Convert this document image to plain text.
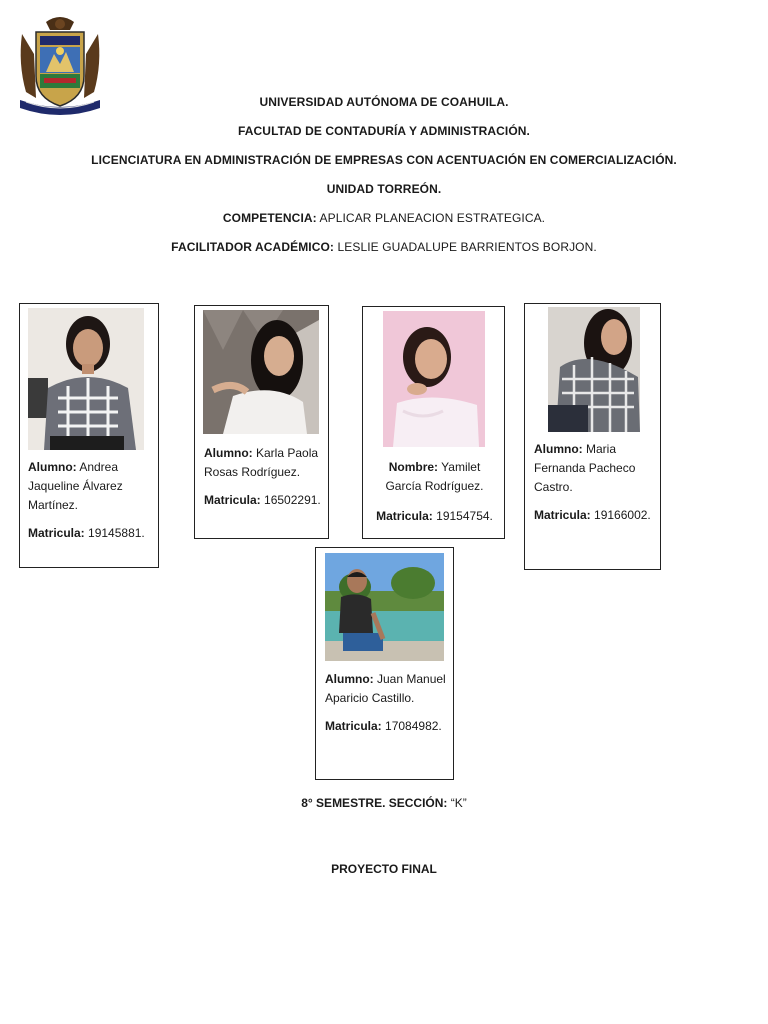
UNIVERSIDAD AUTÓNOMA DE COAHUILA.
FACULTAD DE CONTADURÍA Y ADMINISTRACIÓN.
LICENCIATURA EN ADMINISTRACIÓN DE EMPRESAS CON ACENTUACIÓN EN COMERCIALIZACIÓN.
UNIDAD TORREÓN.
COMPETENCIA: APLICAR PLANEACION ESTRATEGICA.
FACILITADOR ACADÉMICO: LESLIE GUADALUPE BARRIENTOS BORJON.

Alumno: Andrea Jaqueline Álvarez Martínez.

Matricula: 19145881.

Alumno: Karla Paola Rosas Rodríguez.

Matricula: 16502291.

Nombre: Yamilet García Rodríguez.

Matricula: 19154754.

Alumno: Maria Fernanda Pacheco Castro.

Matricula: 19166002.

Alumno: Juan Manuel Aparicio Castillo.

Matricula: 17084982.

8° SEMESTRE. SECCIÓN: “K”
PROYECTO FINAL
